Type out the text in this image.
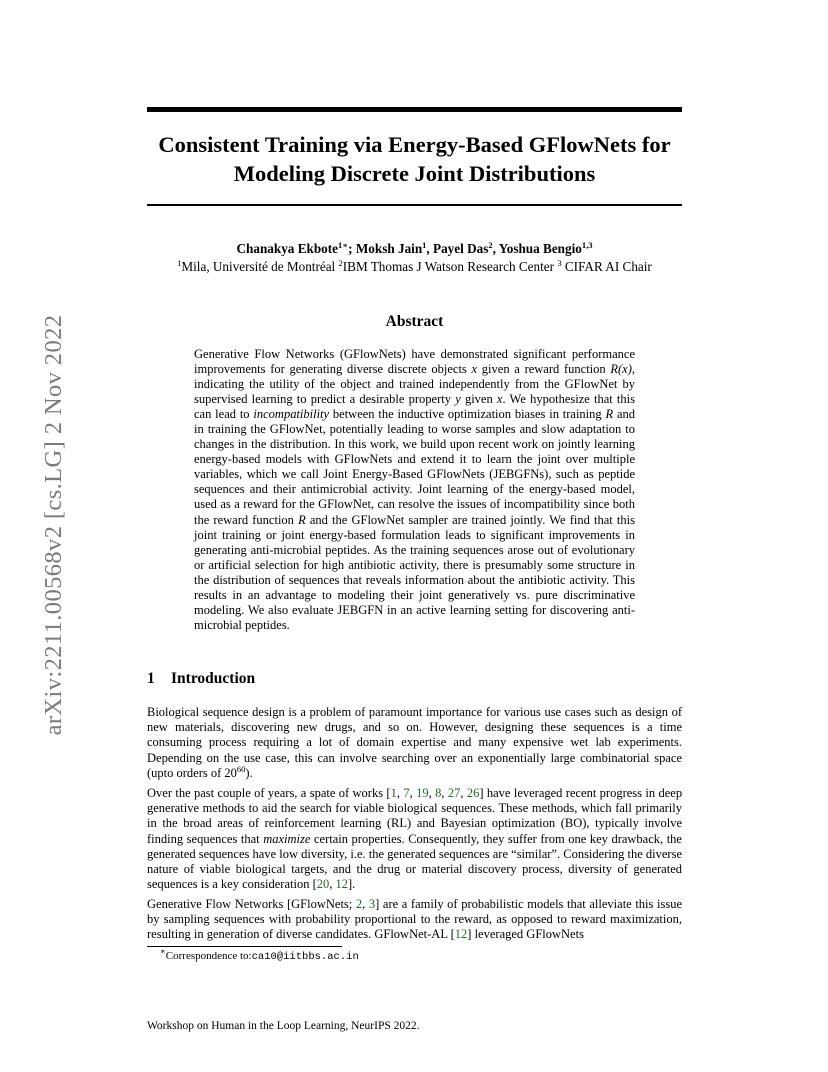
arXiv:2211.00568v2 [cs.LG] 2 Nov 2022
Consistent Training via Energy-Based GFlowNets for
Modeling Discrete Joint Distributions
Chanakya Ekbote$^{1∗}$; Moksh Jain$^1$, Payel Das$^2$, Yoshua Bengio$^{1,3}$
$^1$Mila, Université de Montréal $^2$IBM Thomas J Watson Research Center $^3$ CIFAR AI Chair
Abstract
Generative Flow Networks (GFlowNets) have demonstrated significant performance improvements for generating diverse discrete objects x given a reward function R(x), indicating the utility of the object and trained independently from the GFlowNet by supervised learning to predict a desirable property y given x. We hypothesize that this can lead to incompatibility between the inductive optimization biases in training R and in training the GFlowNet, potentially leading to worse samples and slow adaptation to changes in the distribution. In this work, we build upon recent work on jointly learning energy-based models with GFlowNets and extend it to learn the joint over multiple variables, which we call Joint Energy-Based GFlowNets (JEBGFNs), such as peptide sequences and their antimicrobial activity. Joint learning of the energy-based model, used as a reward for the GFlowNet, can resolve the issues of incompatibility since both the reward function R and the GFlowNet sampler are trained jointly. We find that this joint training or joint energy-based formulation leads to significant improvements in generating anti-microbial peptides. As the training sequences arose out of evolutionary or artificial selection for high antibiotic activity, there is presumably some structure in the distribution of sequences that reveals information about the antibiotic activity. This results in an advantage to modeling their joint generatively vs. pure discriminative modeling. We also evaluate JEBGFN in an active learning setting for discovering anti-microbial peptides.
1 Introduction
Biological sequence design is a problem of paramount importance for various use cases such as design of new materials, discovering new drugs, and so on. However, designing these sequences is a time consuming process requiring a lot of domain expertise and many expensive wet lab experiments. Depending on the use case, this can involve searching over an exponentially large combinatorial space (upto orders of $20^{60}$).
Over the past couple of years, a spate of works [1, 7, 19, 8, 27, 26] have leveraged recent progress in deep generative methods to aid the search for viable biological sequences. These methods, which fall primarily in the broad areas of reinforcement learning (RL) and Bayesian optimization (BO), typically involve finding sequences that maximize certain properties. Consequently, they suffer from one key drawback, the generated sequences have low diversity, i.e. the generated sequences are “similar”. Considering the diverse nature of viable biological targets, and the drug or material discovery process, diversity of generated sequences is a key consideration [20, 12].
Generative Flow Networks [GFlowNets; 2, 3] are a family of probabilistic models that alleviate this issue by sampling sequences with probability proportional to the reward, as opposed to reward maximization, resulting in generation of diverse candidates. GFlowNet-AL [12] leveraged GFlowNets
∗Correspondence to:ca10@iitbbs.ac.in
Workshop on Human in the Loop Learning, NeurIPS 2022.
